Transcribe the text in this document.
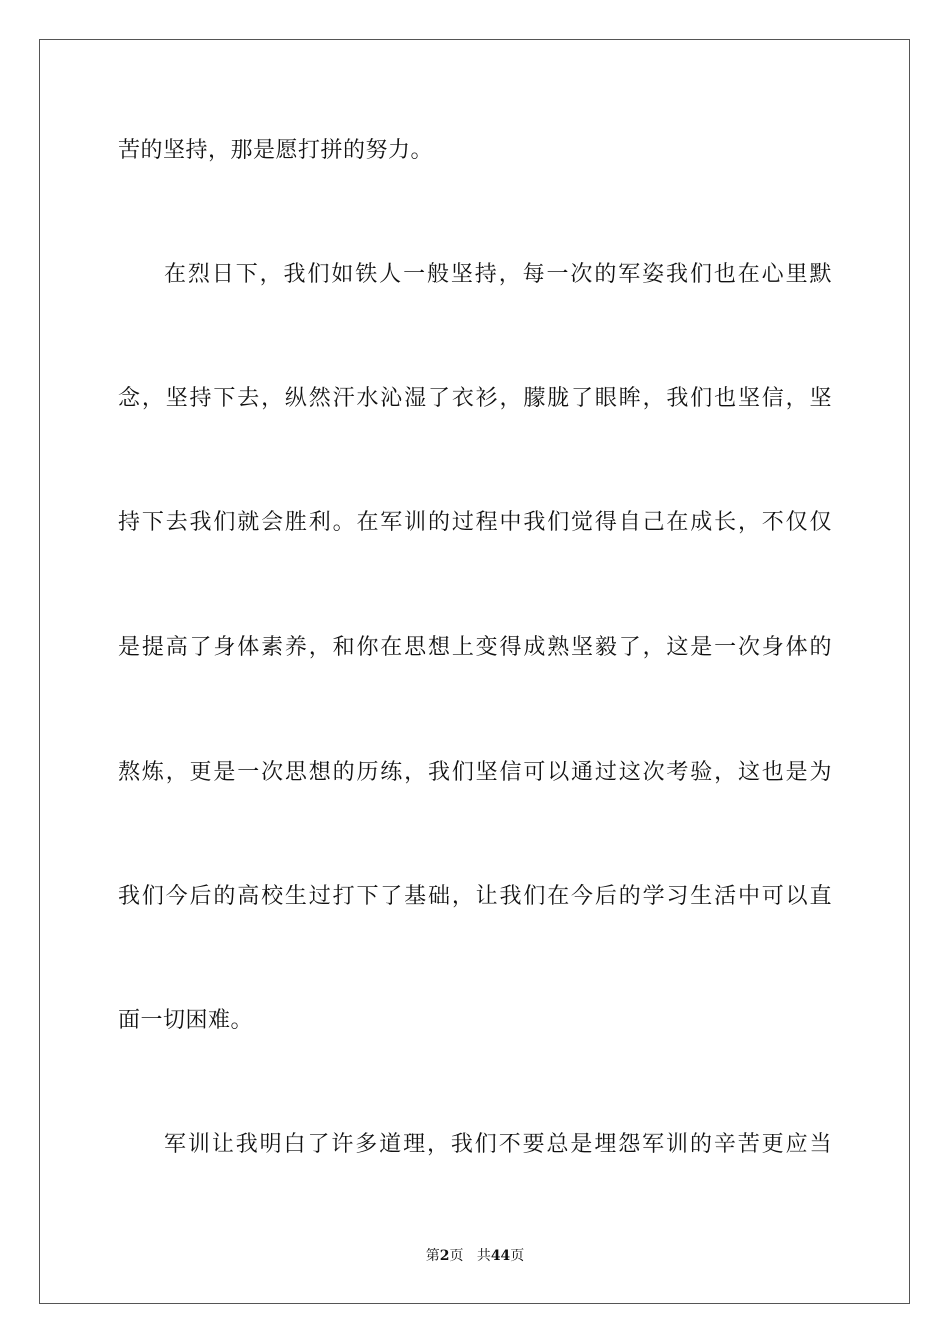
苦的坚持，那是愿打拼的努力。
在烈日下，我们如铁人一般坚持，每一次的军姿我们也在心里默
念，坚持下去，纵然汗水沁湿了衣衫，朦胧了眼眸，我们也坚信，坚
持下去我们就会胜利。在军训的过程中我们觉得自己在成长，不仅仅
是提高了身体素养，和你在思想上变得成熟坚毅了，这是一次身体的
熬炼，更是一次思想的历练，我们坚信可以通过这次考验，这也是为
我们今后的高校生过打下了基础，让我们在今后的学习生活中可以直
面一切困难。
军训让我明白了许多道理，我们不要总是埋怨军训的辛苦更应当
第2页 共44页
